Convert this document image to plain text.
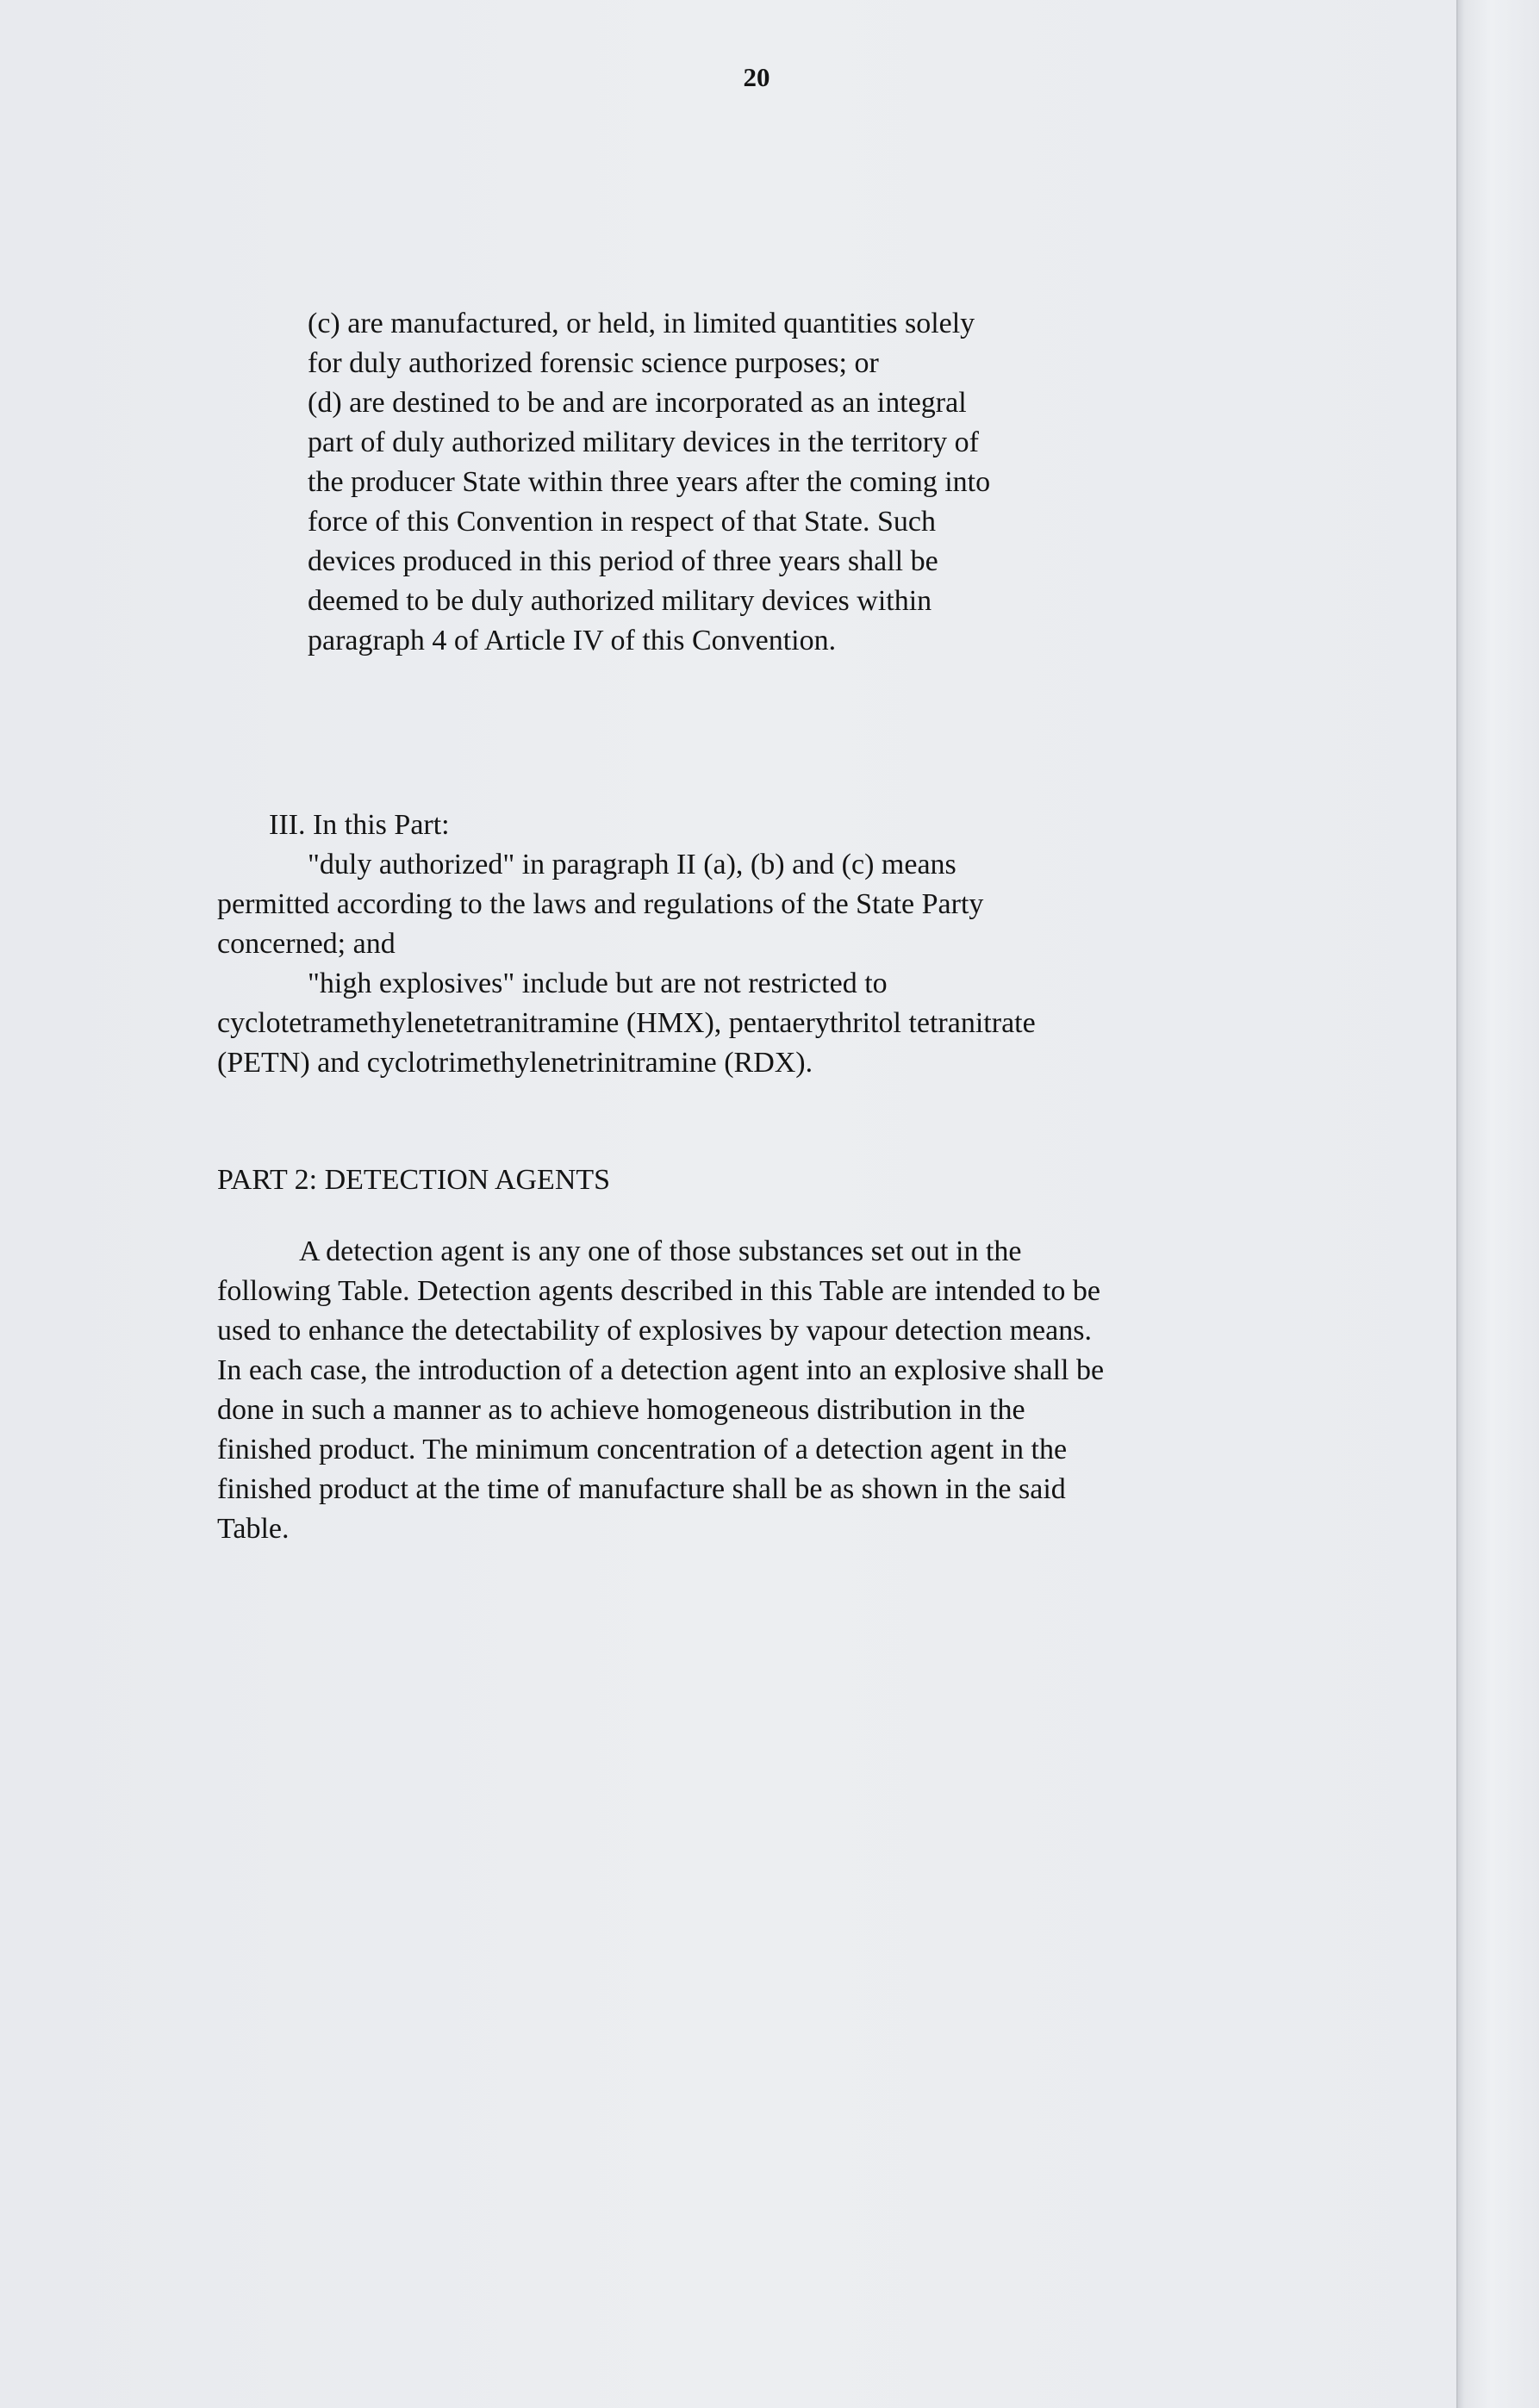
20
(c) are manufactured, or held, in limited quantities solely
for duly authorized forensic science purposes; or
(d) are destined to be and are incorporated as an integral
part of duly authorized military devices in the territory of
the producer State within three years after the coming into
force of this Convention in respect of that State. Such
devices produced in this period of three years shall be
deemed to be duly authorized military devices within
paragraph 4 of Article IV of this Convention.
III. In this Part:
"duly authorized" in paragraph II (a), (b) and (c) means
permitted according to the laws and regulations of the State Party
concerned; and
"high explosives" include but are not restricted to
cyclotetramethylenetetranitramine (HMX), pentaerythritol tetranitrate
(PETN) and cyclotrimethylenetrinitramine (RDX).
PART 2: DETECTION AGENTS
A detection agent is any one of those substances set out in the
following Table. Detection agents described in this Table are intended to be
used to enhance the detectability of explosives by vapour detection means.
In each case, the introduction of a detection agent into an explosive shall be
done in such a manner as to achieve homogeneous distribution in the
finished product. The minimum concentration of a detection agent in the
finished product at the time of manufacture shall be as shown in the said
Table.
